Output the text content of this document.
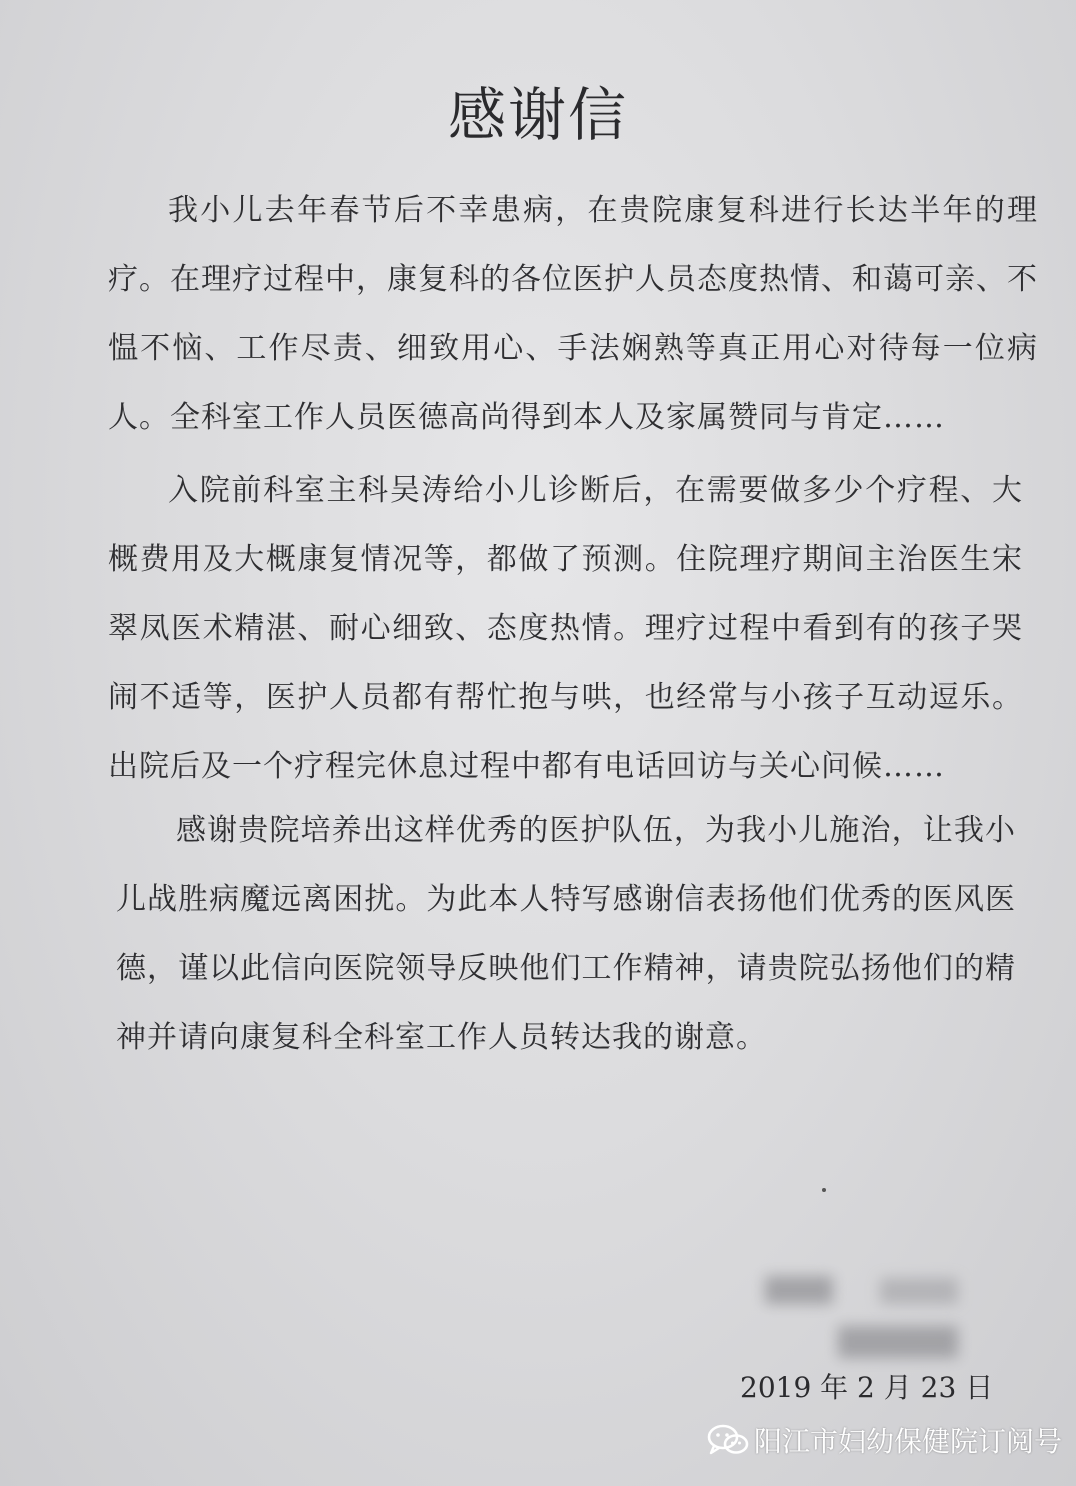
感谢信

我小儿去年春节后不幸患病，在贵院康复科进行长达半年的理疗。在理疗过程中，康复科的各位医护人员态度热情、和蔼可亲、不愠不恼、工作尽责、细致用心、手法娴熟等真正用心对待每一位病人。全科室工作人员医德高尚得到本人及家属赞同与肯定……

入院前科室主科吴涛给小儿诊断后，在需要做多少个疗程、大概费用及大概康复情况等，都做了预测。住院理疗期间主治医生宋翠凤医术精湛、耐心细致、态度热情。理疗过程中看到有的孩子哭闹不适等，医护人员都有帮忙抱与哄，也经常与小孩子互动逗乐。出院后及一个疗程完休息过程中都有电话回访与关心问候……

感谢贵院培养出这样优秀的医护队伍，为我小儿施治，让我小儿战胜病魔远离困扰。为此本人特写感谢信表扬他们优秀的医风医德，谨以此信向医院领导反映他们工作精神，请贵院弘扬他们的精神并请向康复科全科室工作人员转达我的谢意。

2019 年 2 月 23 日
阳江市妇幼保健院订阅号
